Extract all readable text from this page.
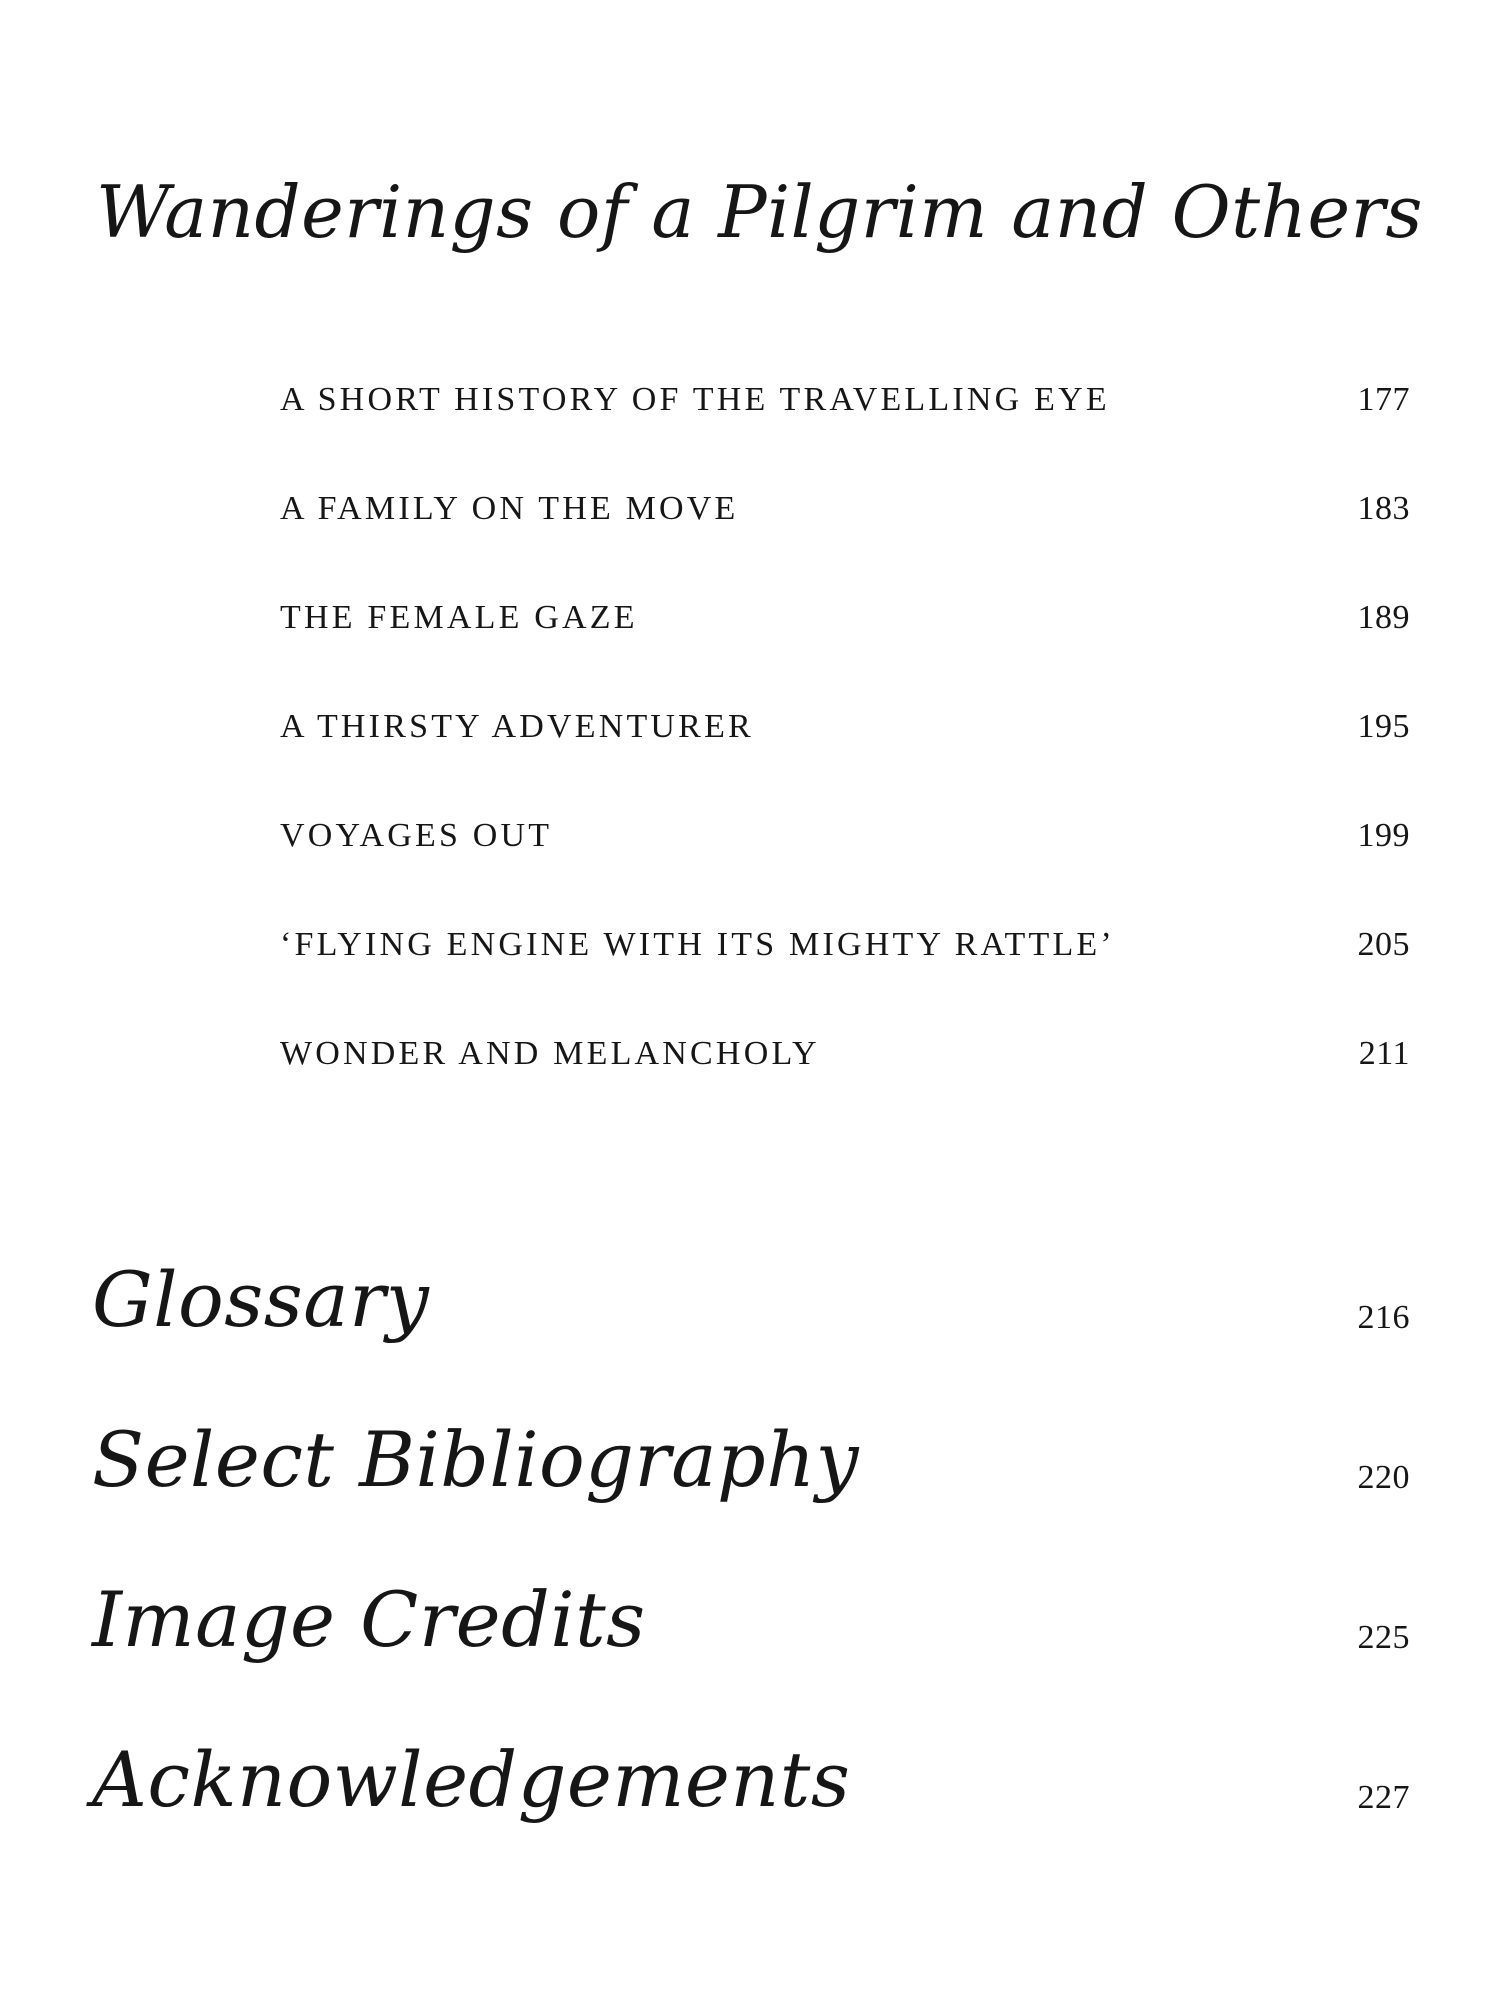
Wanderings of a Pilgrim and Others
A SHORT HISTORY OF THE TRAVELLING EYE	177
A FAMILY ON THE MOVE	183
THE FEMALE GAZE	189
A THIRSTY ADVENTURER	195
VOYAGES OUT	199
‘FLYING ENGINE WITH ITS MIGHTY RATTLE’	205
WONDER AND MELANCHOLY	211
Glossary	216
Select Bibliography	220
Image Credits	225
Acknowledgements	227
